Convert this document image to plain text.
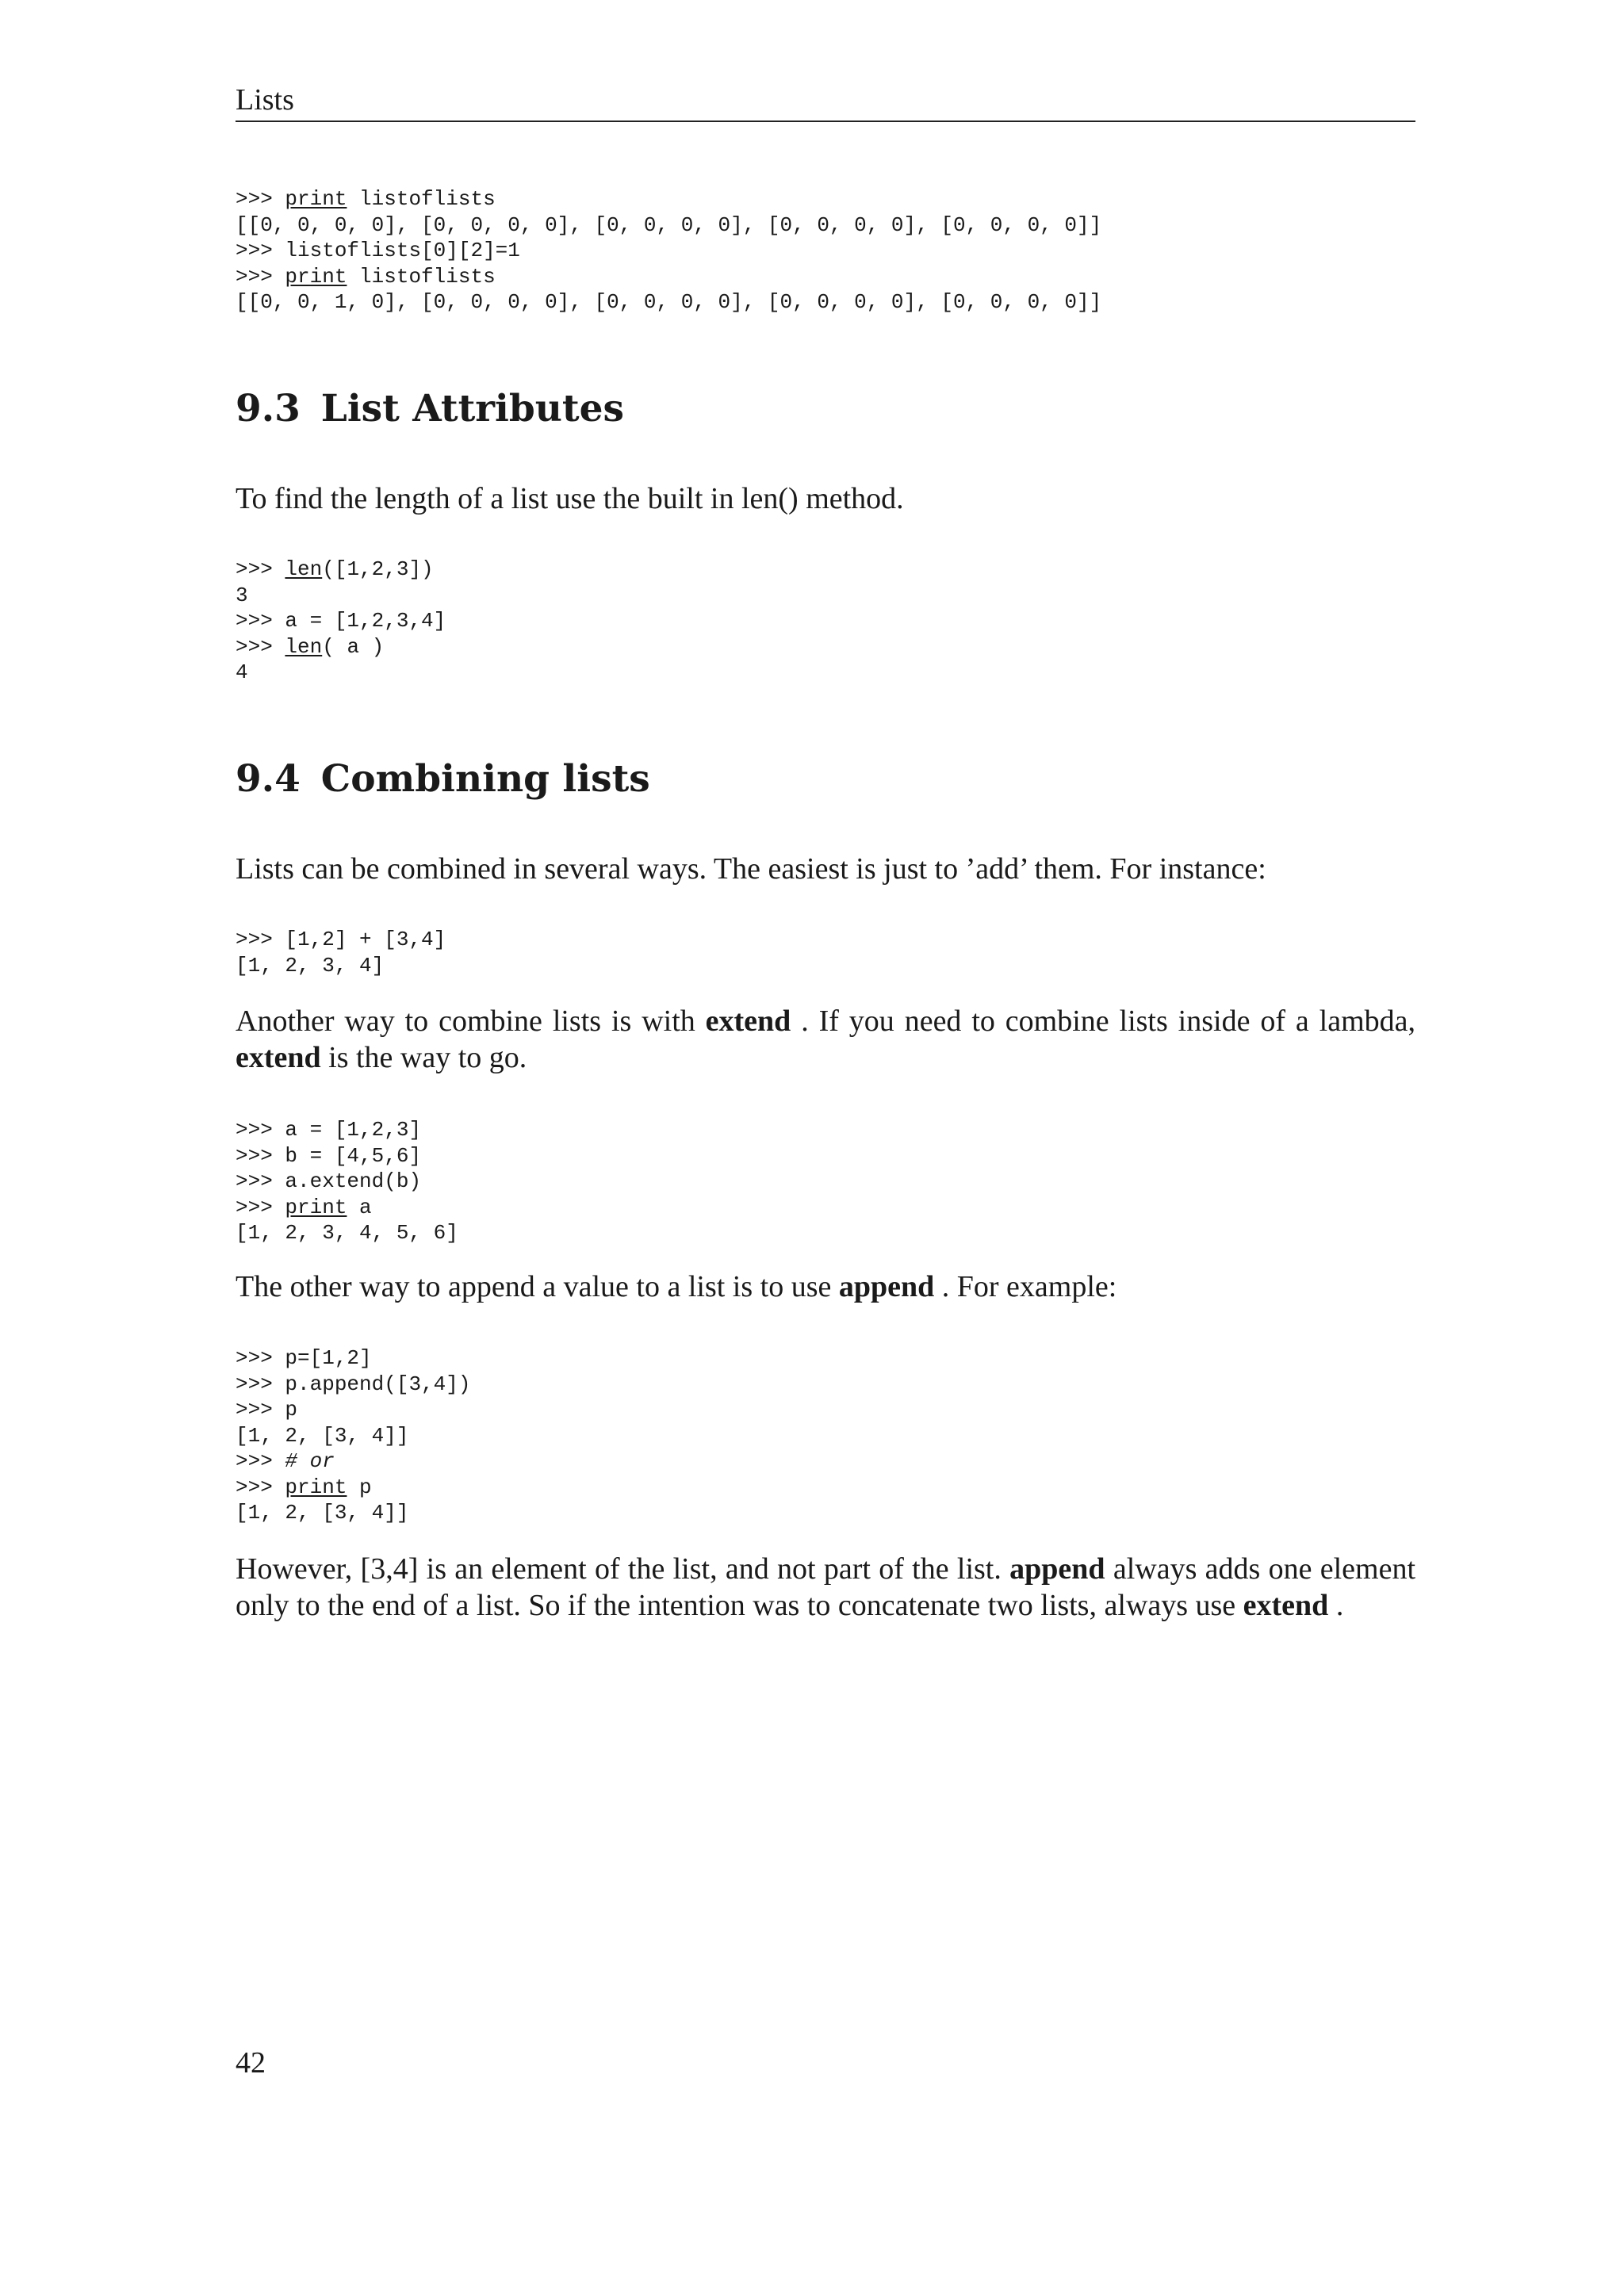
Lists
>>> print listoflists
[[0, 0, 0, 0], [0, 0, 0, 0], [0, 0, 0, 0], [0, 0, 0, 0], [0, 0, 0, 0]]
>>> listoflists[0][2]=1
>>> print listoflists
[[0, 0, 1, 0], [0, 0, 0, 0], [0, 0, 0, 0], [0, 0, 0, 0], [0, 0, 0, 0]]
9.3 List Attributes

To find the length of a list use the built in len() method.

>>> len([1,2,3])
3
>>> a = [1,2,3,4]
>>> len( a )
4
9.4 Combining lists

Lists can be combined in several ways. The easiest is just to ’add’ them. For instance:

>>> [1,2] + [3,4]
[1, 2, 3, 4]

Another way to combine lists is with extend . If you need to combine lists inside of a lambda, extend is the way to go.

>>> a = [1,2,3]
>>> b = [4,5,6]
>>> a.extend(b)
>>> print a
[1, 2, 3, 4, 5, 6]

The other way to append a value to a list is to use append . For example:

>>> p=[1,2]
>>> p.append([3,4])
>>> p
[1, 2, [3, 4]]
>>> # or
>>> print p
[1, 2, [3, 4]]

However, [3,4] is an element of the list, and not part of the list. append always adds one element only to the end of a list. So if the intention was to concatenate two lists, always use extend .

42
